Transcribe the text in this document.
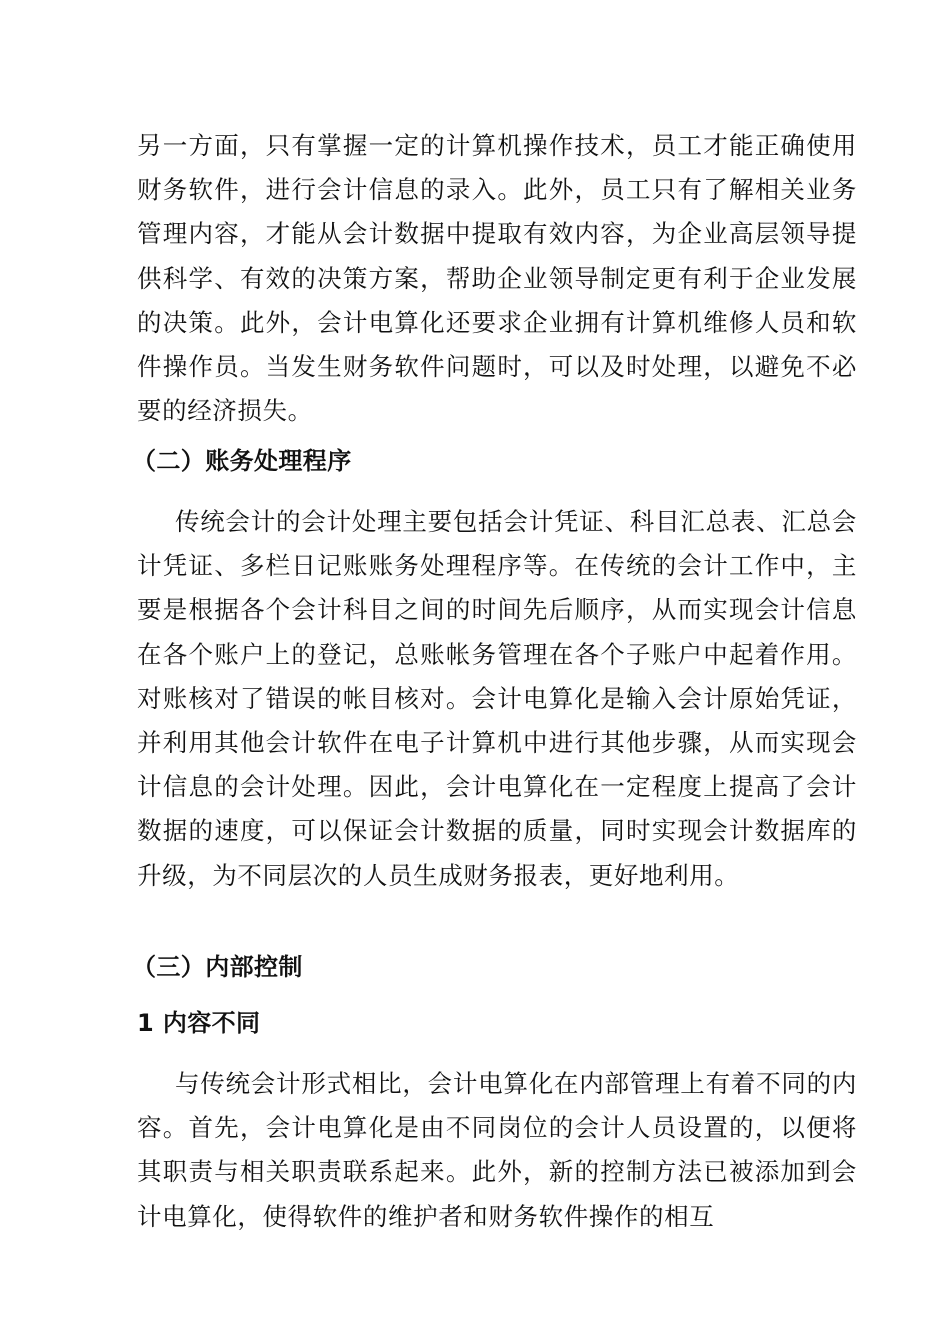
另一方面，只有掌握一定的计算机操作技术，员工才能正确使用财务软件，进行会计信息的录入。此外，员工只有了解相关业务管理内容，才能从会计数据中提取有效内容，为企业高层领导提供科学、有效的决策方案，帮助企业领导制定更有利于企业发展的决策。此外，会计电算化还要求企业拥有计算机维修人员和软件操作员。当发生财务软件问题时，可以及时处理，以避免不必要的经济损失。

（二）账务处理程序

传统会计的会计处理主要包括会计凭证、科目汇总表、汇总会计凭证、多栏日记账账务处理程序等。在传统的会计工作中，主要是根据各个会计科目之间的时间先后顺序，从而实现会计信息在各个账户上的登记，总账帐务管理在各个子账户中起着作用。对账核对了错误的帐目核对。会计电算化是输入会计原始凭证，并利用其他会计软件在电子计算机中进行其他步骤，从而实现会计信息的会计处理。因此，会计电算化在一定程度上提高了会计数据的速度，可以保证会计数据的质量，同时实现会计数据库的升级，为不同层次的人员生成财务报表，更好地利用。

（三）内部控制
1 内容不同

与传统会计形式相比，会计电算化在内部管理上有着不同的内容。首先，会计电算化是由不同岗位的会计人员设置的，以便将其职责与相关职责联系起来。此外，新的控制方法已被添加到会计电算化，使得软件的维护者和财务软件操作的相互
